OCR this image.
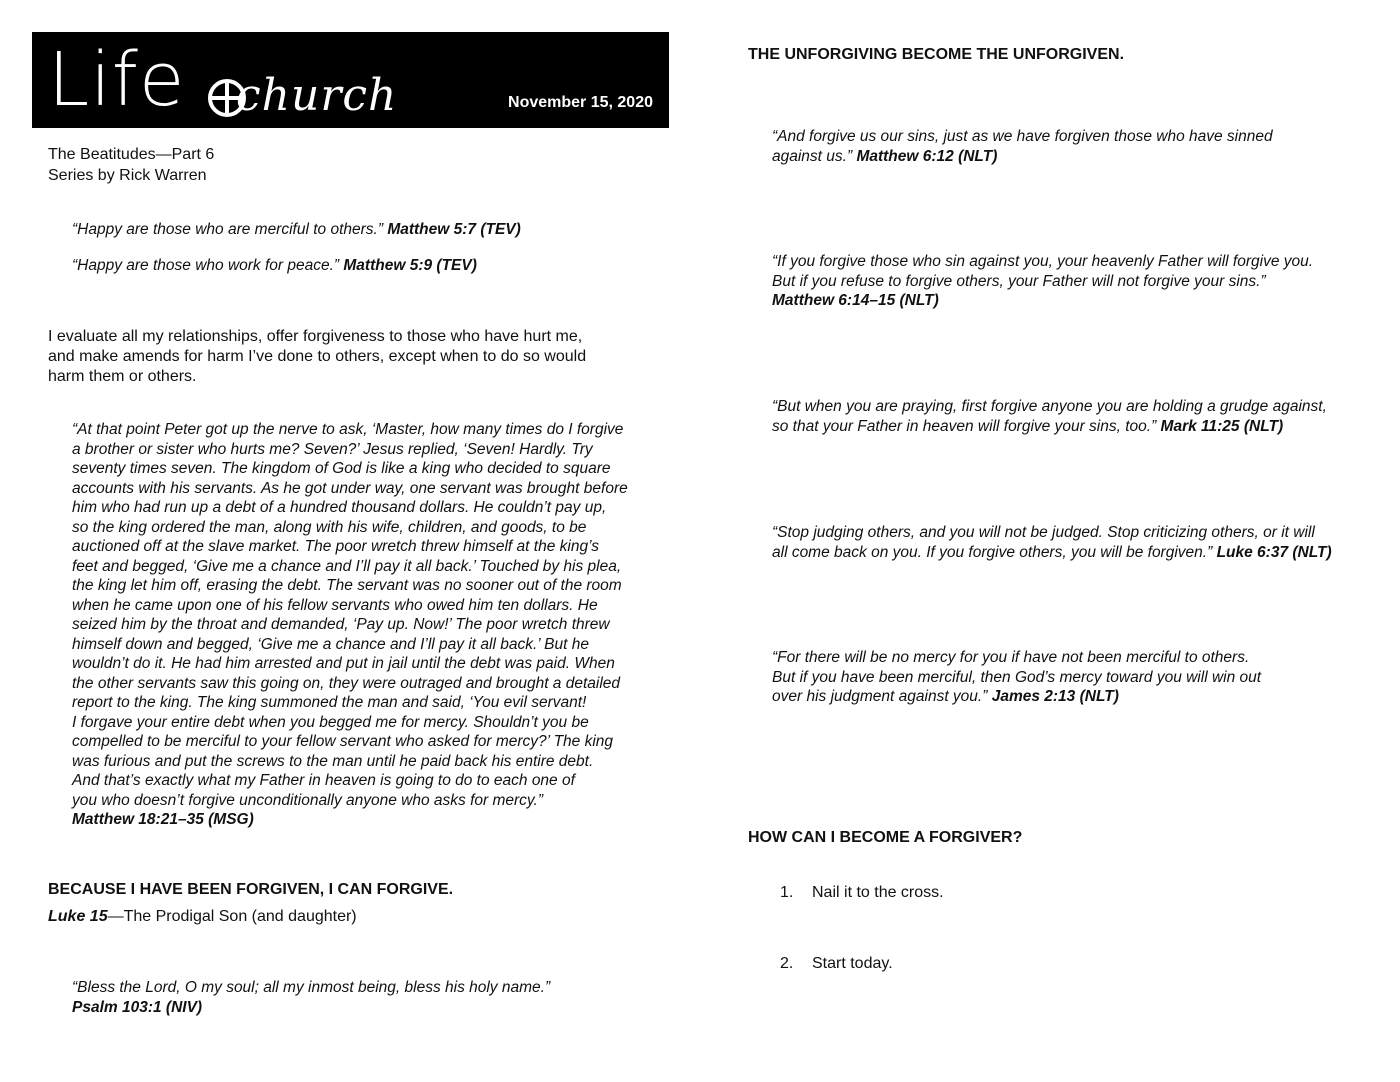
Life church	November 15, 2020

The Beatitudes—Part 6

Series by Rick Warren

“Happy are those who are merciful to others.” Matthew 5:7 (TEV)

“Happy are those who work for peace.” Matthew 5:9 (TEV)

I evaluate all my relationships, offer forgiveness to those who have hurt me,

and make amends for harm I’ve done to others, except when to do so would

harm them or others.

“At that point Peter got up the nerve to ask, ‘Master, how many times do I forgive

a brother or sister who hurts me? Seven?’ Jesus replied, ‘Seven! Hardly. Try

seventy times seven. The kingdom of God is like a king who decided to square

accounts with his servants. As he got under way, one servant was brought before

him who had run up a debt of a hundred thousand dollars. He couldn’t pay up,

so the king ordered the man, along with his wife, children, and goods, to be

auctioned off at the slave market. The poor wretch threw himself at the king’s

feet and begged, ‘Give me a chance and I’ll pay it all back.’ Touched by his plea,

the king let him off, erasing the debt. The servant was no sooner out of the room

when he came upon one of his fellow servants who owed him ten dollars. He

seized him by the throat and demanded, ‘Pay up. Now!’ The poor wretch threw

himself down and begged, ‘Give me a chance and I’ll pay it all back.’ But he

wouldn’t do it. He had him arrested and put in jail until the debt was paid. When

the other servants saw this going on, they were outraged and brought a detailed

report to the king. The king summoned the man and said, ‘You evil servant!

I forgave your entire debt when you begged me for mercy. Shouldn’t you be

compelled to be merciful to your fellow servant who asked for mercy?’ The king

was furious and put the screws to the man until he paid back his entire debt.

And that’s exactly what my Father in heaven is going to do to each one of

you who doesn’t forgive unconditionally anyone who asks for mercy.”

Matthew 18:21–35 (MSG)

BECAUSE I HAVE BEEN FORGIVEN, I CAN FORGIVE.

Luke 15—The Prodigal Son (and daughter)

“Bless the Lord, O my soul; all my inmost being, bless his holy name.”

Psalm 103:1 (NIV)

THE UNFORGIVING BECOME THE UNFORGIVEN.

“And forgive us our sins, just as we have forgiven those who have sinned

against us.” Matthew 6:12 (NLT)

“If you forgive those who sin against you, your heavenly Father will forgive you.

But if you refuse to forgive others, your Father will not forgive your sins.”

Matthew 6:14–15 (NLT)

“But when you are praying, first forgive anyone you are holding a grudge against,

so that your Father in heaven will forgive your sins, too.” Mark 11:25 (NLT)

“Stop judging others, and you will not be judged. Stop criticizing others, or it will

all come back on you. If you forgive others, you will be forgiven.” Luke 6:37 (NLT)

“For there will be no mercy for you if have not been merciful to others.

But if you have been merciful, then God’s mercy toward you will win out

over his judgment against you.” James 2:13 (NLT)

HOW CAN I BECOME A FORGIVER?

1. Nail it to the cross.
2. Start today.
